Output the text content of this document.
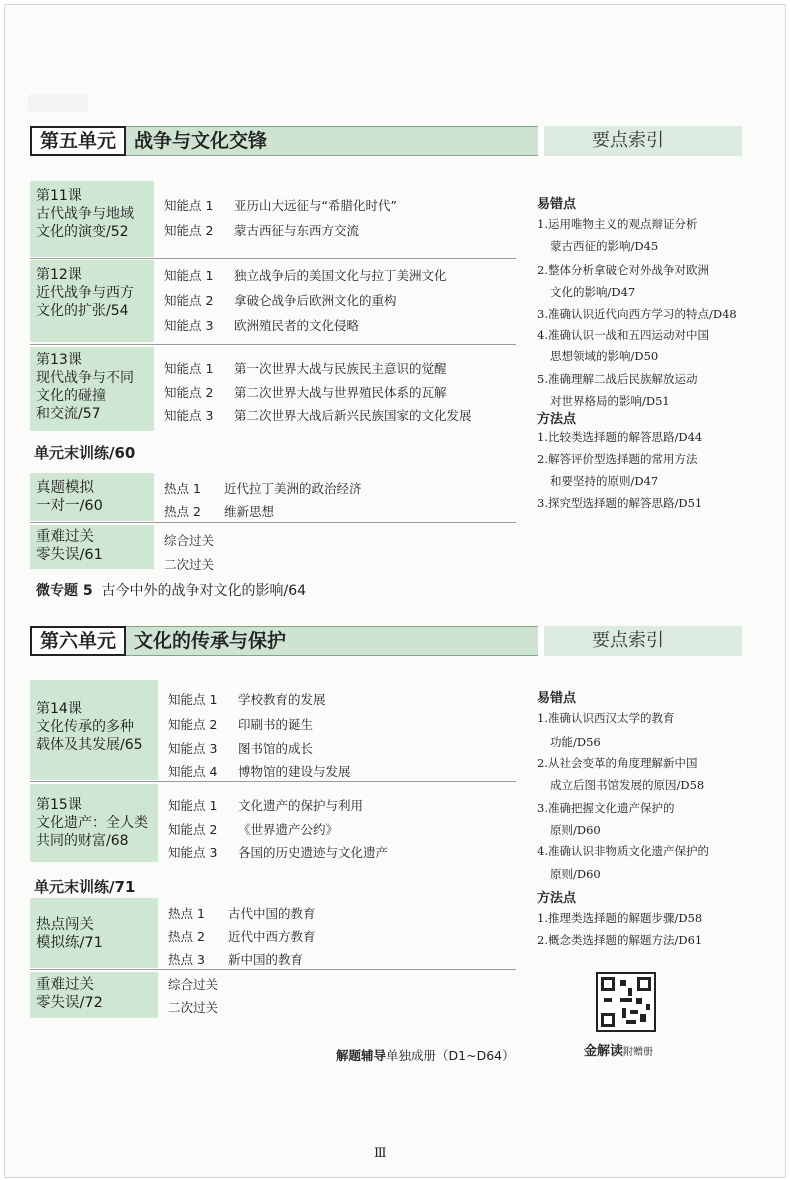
第五单元 战争与文化交锋	要点索引
第11课
古代战争与地域
文化的演变/52
知能点 1 亚历山大远征与“希腊化时代”
知能点 2 蒙古西征与东西方交流
第12课
近代战争与西方
文化的扩张/54
知能点 1 独立战争后的美国文化与拉丁美洲文化
知能点 2 拿破仑战争后欧洲文化的重构
知能点 3 欧洲殖民者的文化侵略
第13课
现代战争与不同
文化的碰撞
和交流/57
知能点 1 第一次世界大战与民族民主意识的觉醒
知能点 2 第二次世界大战与世界殖民体系的瓦解
知能点 3 第二次世界大战后新兴民族国家的文化发展
单元末训练/60
真题模拟
一对一/60
热点 1 近代拉丁美洲的政治经济
热点 2 维新思想
重难过关
零失误/61
综合过关
二次过关
微专题 5 古今中外的战争对文化的影响/64
易错点
1.运用唯物主义的观点辩证分析
蒙古西征的影响/D45
2.整体分析拿破仑对外战争对欧洲
文化的影响/D47
3.准确认识近代向西方学习的特点/D48
4.准确认识一战和五四运动对中国
思想领域的影响/D50
5.准确理解二战后民族解放运动
对世界格局的影响/D51
方法点
1.比较类选择题的解答思路/D44
2.解答评价型选择题的常用方法
和要坚持的原则/D47
3.探究型选择题的解答思路/D51
第六单元 文化的传承与保护	要点索引
第14课
文化传承的多种
载体及其发展/65
知能点 1 学校教育的发展
知能点 2 印刷书的诞生
知能点 3 图书馆的成长
知能点 4 博物馆的建设与发展
第15课
文化遗产：全人类
共同的财富/68
知能点 1 文化遗产的保护与利用
知能点 2 《世界遗产公约》
知能点 3 各国的历史遗迹与文化遗产
单元末训练/71
热点闯关
模拟练/71
热点 1 古代中国的教育
热点 2 近代中西方教育
热点 3 新中国的教育
重难过关
零失误/72
综合过关
二次过关
易错点
1.准确认识西汉太学的教育
功能/D56
2.从社会变革的角度理解新中国
成立后图书馆发展的原因/D58
3.准确把握文化遗产保护的
原则/D60
4.准确认识非物质文化遗产保护的
原则/D60
方法点
1.推理类选择题的解题步骤/D58
2.概念类选择题的解题方法/D61
金解读附赠册
解题辅导单独成册（D1~D64）
Ⅲ
